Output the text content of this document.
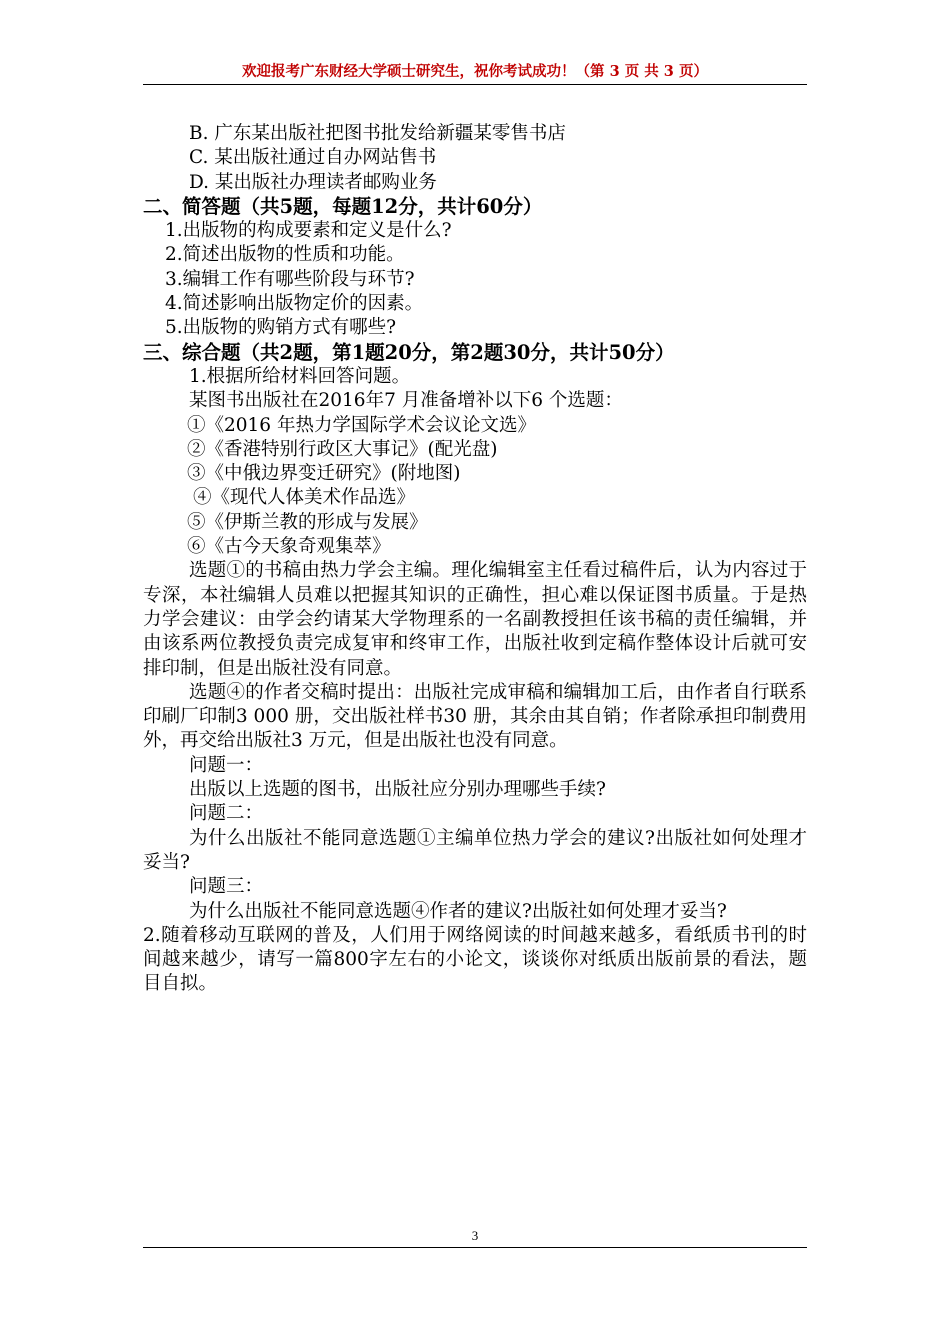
欢迎报考广东财经大学硕士研究生，祝你考试成功！（第 3 页 共 3 页）
B. 广东某出版社把图书批发给新疆某零售书店
C. 某出版社通过自办网站售书
D. 某出版社办理读者邮购业务
二、简答题（共5题，每题12分，共计60分）
1.出版物的构成要素和定义是什么?
2.简述出版物的性质和功能。
3.编辑工作有哪些阶段与环节?
4.简述影响出版物定价的因素。
5.出版物的购销方式有哪些?
三、综合题（共2题，第1题20分，第2题30分，共计50分）
1.根据所给材料回答问题。
某图书出版社在2016年7 月准备增补以下6 个选题：
①《2016 年热力学国际学术会议论文选》
②《香港特别行政区大事记》(配光盘)
③《中俄边界变迁研究》(附地图)
④《现代人体美术作品选》
⑤《伊斯兰教的形成与发展》
⑥《古今天象奇观集萃》
选题①的书稿由热力学会主编。理化编辑室主任看过稿件后，认为内容过于专深，本社编辑人员难以把握其知识的正确性，担心难以保证图书质量。于是热力学会建议：由学会约请某大学物理系的一名副教授担任该书稿的责任编辑，并由该系两位教授负责完成复审和终审工作，出版社收到定稿作整体设计后就可安排印制，但是出版社没有同意。
选题④的作者交稿时提出：出版社完成审稿和编辑加工后，由作者自行联系印刷厂印制3 000 册，交出版社样书30 册，其余由其自销；作者除承担印制费用外，再交给出版社3 万元，但是出版社也没有同意。
问题一：
出版以上选题的图书，出版社应分别办理哪些手续?
问题二：
为什么出版社不能同意选题①主编单位热力学会的建议?出版社如何处理才妥当?
问题三：
为什么出版社不能同意选题④作者的建议?出版社如何处理才妥当?
2.随着移动互联网的普及，人们用于网络阅读的时间越来越多，看纸质书刊的时间越来越少，请写一篇800字左右的小论文，谈谈你对纸质出版前景的看法，题目自拟。
3
